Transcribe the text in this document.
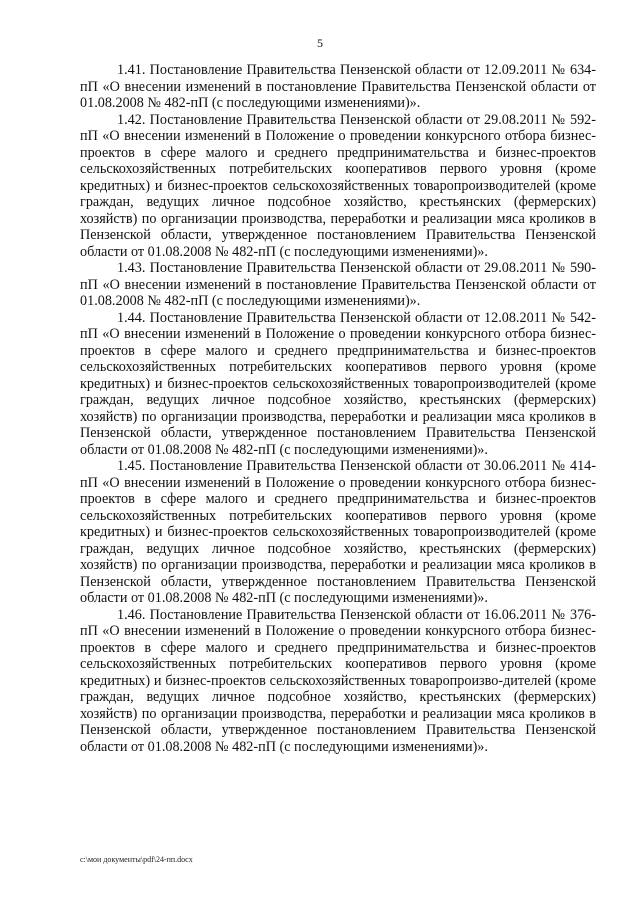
5

1.41. Постановление Правительства Пензенской области от 12.09.2011 № 634-пП «О внесении изменений в постановление Правительства Пензенской области от 01.08.2008 № 482-пП (с последующими изменениями)».

1.42. Постановление Правительства Пензенской области от 29.08.2011 № 592-пП «О внесении изменений в Положение о проведении конкурсного отбора бизнес-проектов в сфере малого и среднего предпринимательства и бизнес-проектов сельскохозяйственных потребительских кооперативов первого уровня (кроме кредитных) и бизнес-проектов сельскохозяйственных товаропроизводителей (кроме граждан, ведущих личное подсобное хозяйство, крестьянских (фермерских) хозяйств) по организации производства, переработки и реализации мяса кроликов в Пензенской области, утвержденное постановлением Правительства Пензенской области от 01.08.2008 № 482-пП (с последующими изменениями)».

1.43. Постановление Правительства Пензенской области от 29.08.2011 № 590-пП «О внесении изменений в постановление Правительства Пензенской области от 01.08.2008 № 482-пП (с последующими изменениями)».

1.44. Постановление Правительства Пензенской области от 12.08.2011 № 542-пП «О внесении изменений в Положение о проведении конкурсного отбора бизнес-проектов в сфере малого и среднего предпринимательства и бизнес-проектов сельскохозяйственных потребительских кооперативов первого уровня (кроме кредитных) и бизнес-проектов сельскохозяйственных товаропроизводителей (кроме граждан, ведущих личное подсобное хозяйство, крестьянских (фермерских) хозяйств) по организации производства, переработки и реализации мяса кроликов в Пензенской области, утвержденное постановлением Правительства Пензенской области от 01.08.2008 № 482-пП (с последующими изменениями)».

1.45. Постановление Правительства Пензенской области от 30.06.2011 № 414-пП «О внесении изменений в Положение о проведении конкурсного отбора бизнес-проектов в сфере малого и среднего предпринимательства и бизнес-проектов сельскохозяйственных потребительских кооперативов первого уровня (кроме кредитных) и бизнес-проектов сельскохозяйственных товаропроизводителей (кроме граждан, ведущих личное подсобное хозяйство, крестьянских (фермерских) хозяйств) по организации производства, переработки и реализации мяса кроликов в Пензенской области, утвержденное постановлением Правительства Пензенской области от 01.08.2008 № 482-пП (с последующими изменениями)».

1.46. Постановление Правительства Пензенской области от 16.06.2011 № 376-пП «О внесении изменений в Положение о проведении конкурсного отбора бизнес-проектов в сфере малого и среднего предпринимательства и бизнес-проектов сельскохозяйственных потребительских кооперативов первого уровня (кроме кредитных) и бизнес-проектов сельскохозяйственных товаропроизво-дителей (кроме граждан, ведущих личное подсобное хозяйство, крестьянских (фермерских) хозяйств) по организации производства, переработки и реализации мяса кроликов в Пензенской области, утвержденное постановлением Правительства Пензенской области от 01.08.2008 № 482-пП (с последующими изменениями)».

c:\мои документы\pdf\24-пп.docx
